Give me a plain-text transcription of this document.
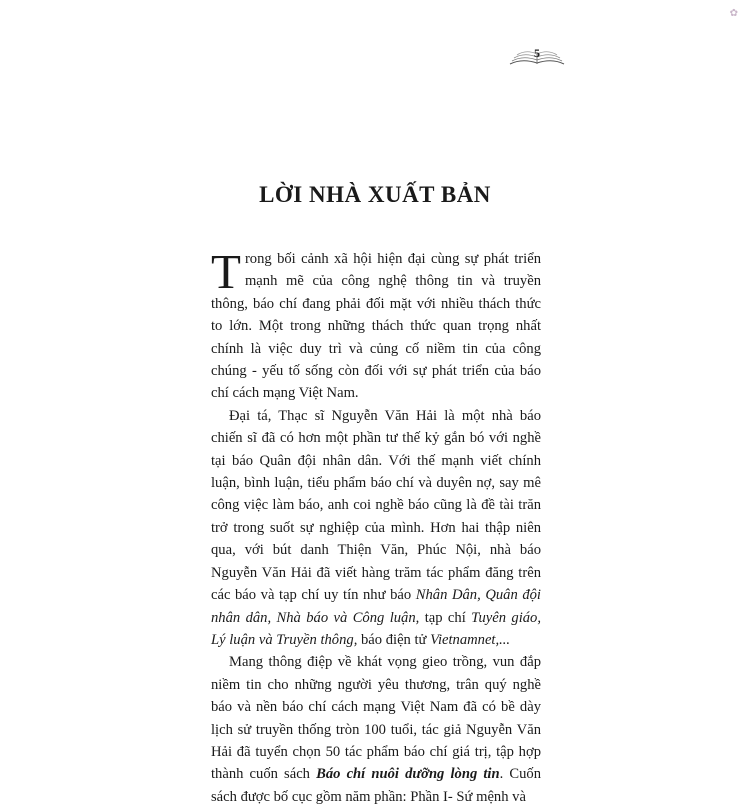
✿
5
LỜI NHÀ XUẤT BẢN

Trong bối cảnh xã hội hiện đại cùng sự phát triển mạnh mẽ của công nghệ thông tin và truyền thông, báo chí đang phải đối mặt với nhiều thách thức to lớn. Một trong những thách thức quan trọng nhất chính là việc duy trì và củng cố niềm tin của công chúng - yếu tố sống còn đối với sự phát triển của báo chí cách mạng Việt Nam.

Đại tá, Thạc sĩ Nguyễn Văn Hải là một nhà báo chiến sĩ đã có hơn một phần tư thế kỷ gắn bó với nghề tại báo Quân đội nhân dân. Với thế mạnh viết chính luận, bình luận, tiểu phẩm báo chí và duyên nợ, say mê công việc làm báo, anh coi nghề báo cũng là đề tài trăn trở trong suốt sự nghiệp của mình. Hơn hai thập niên qua, với bút danh Thiện Văn, Phúc Nội, nhà báo Nguyễn Văn Hải đã viết hàng trăm tác phẩm đăng trên các báo và tạp chí uy tín như báo Nhân Dân, Quân đội nhân dân, Nhà báo và Công luận, tạp chí Tuyên giáo, Lý luận và Truyền thông, báo điện tử Vietnamnet,...

Mang thông điệp về khát vọng gieo trồng, vun đắp niềm tin cho những người yêu thương, trân quý nghề báo và nền báo chí cách mạng Việt Nam đã có bề dày lịch sử truyền thống tròn 100 tuổi, tác giả Nguyễn Văn Hải đã tuyển chọn 50 tác phẩm báo chí giá trị, tập hợp thành cuốn sách Báo chí nuôi dưỡng lòng tin. Cuốn sách được bố cục gồm năm phần: Phần I- Sứ mệnh và
